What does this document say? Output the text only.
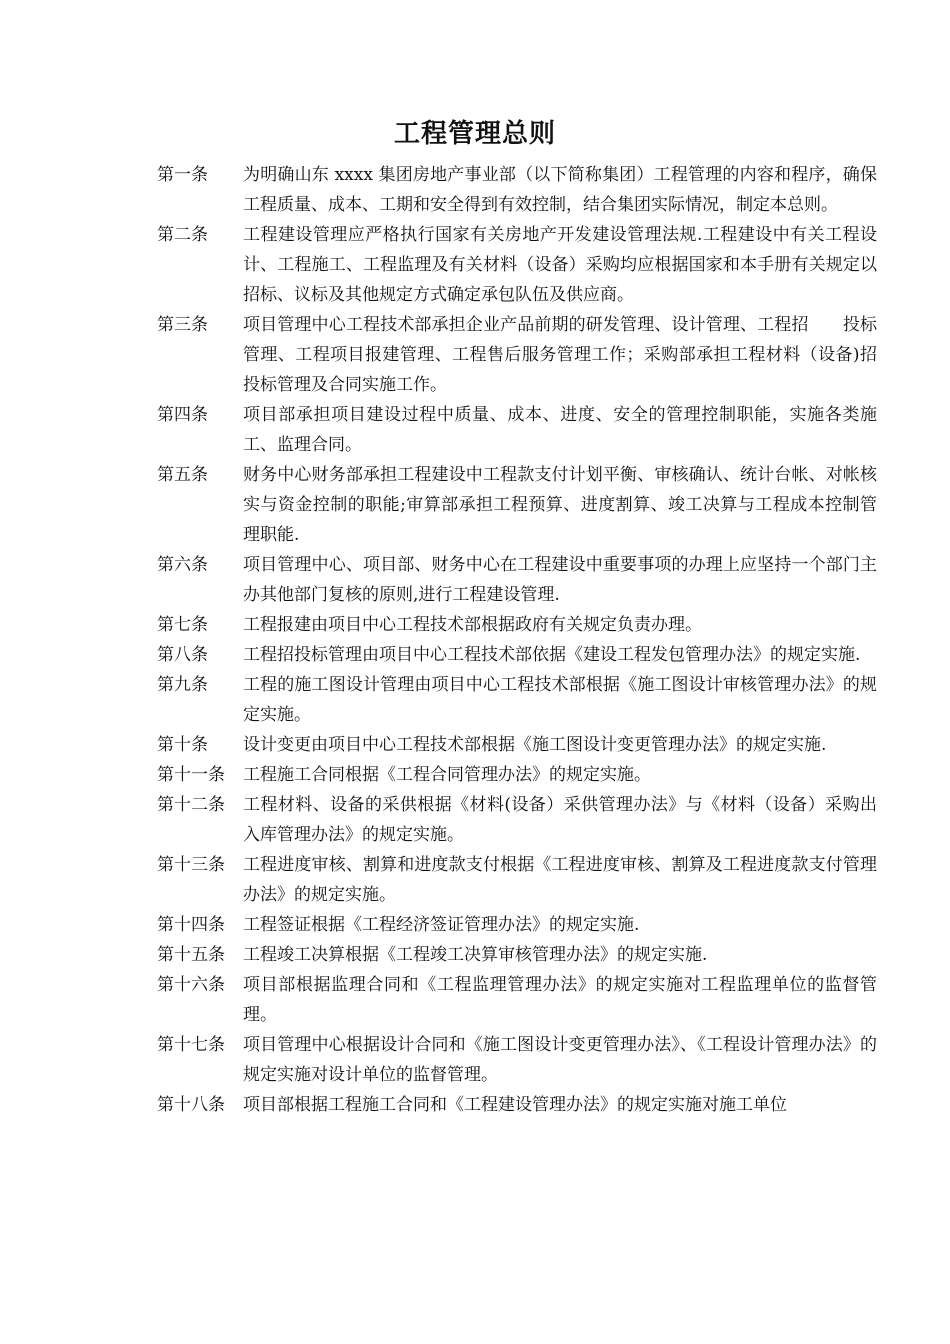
工程管理总则
第一条	为明确山东 xxxx 集团房地产事业部（以下简称集团）工程管理的内容和程序，确保工程质量、成本、工期和安全得到有效控制，结合集团实际情况，制定本总则。
第二条	工程建设管理应严格执行国家有关房地产开发建设管理法规.工程建设中有关工程设计、工程施工、工程监理及有关材料（设备）采购均应根据国家和本手册有关规定以招标、议标及其他规定方式确定承包队伍及供应商。
第三条	项目管理中心工程技术部承担企业产品前期的研发管理、设计管理、工程招　　投标管理、工程项目报建管理、工程售后服务管理工作；采购部承担工程材料（设备)招投标管理及合同实施工作。
第四条	项目部承担项目建设过程中质量、成本、进度、安全的管理控制职能，实施各类施工、监理合同。
第五条	财务中心财务部承担工程建设中工程款支付计划平衡、审核确认、统计台帐、对帐核实与资金控制的职能;审算部承担工程预算、进度割算、竣工决算与工程成本控制管理职能.
第六条	项目管理中心、项目部、财务中心在工程建设中重要事项的办理上应坚持一个部门主办其他部门复核的原则,进行工程建设管理.
第七条	工程报建由项目中心工程技术部根据政府有关规定负责办理。
第八条	工程招投标管理由项目中心工程技术部依据《建设工程发包管理办法》的规定实施.
第九条	工程的施工图设计管理由项目中心工程技术部根据《施工图设计审核管理办法》的规定实施。
第十条	设计变更由项目中心工程技术部根据《施工图设计变更管理办法》的规定实施.
第十一条	工程施工合同根据《工程合同管理办法》的规定实施。
第十二条	工程材料、设备的采供根据《材料(设备）采供管理办法》与《材料（设备）采购出入库管理办法》的规定实施。
第十三条	工程进度审核、割算和进度款支付根据《工程进度审核、割算及工程进度款支付管理办法》的规定实施。
第十四条	工程签证根据《工程经济签证管理办法》的规定实施.
第十五条	工程竣工决算根据《工程竣工决算审核管理办法》的规定实施.
第十六条	项目部根据监理合同和《工程监理管理办法》的规定实施对工程监理单位的监督管理。
第十七条	项目管理中心根据设计合同和《施工图设计变更管理办法》、《工程设计管理办法》的规定实施对设计单位的监督管理。
第十八条	项目部根据工程施工合同和《工程建设管理办法》的规定实施对施工单位
